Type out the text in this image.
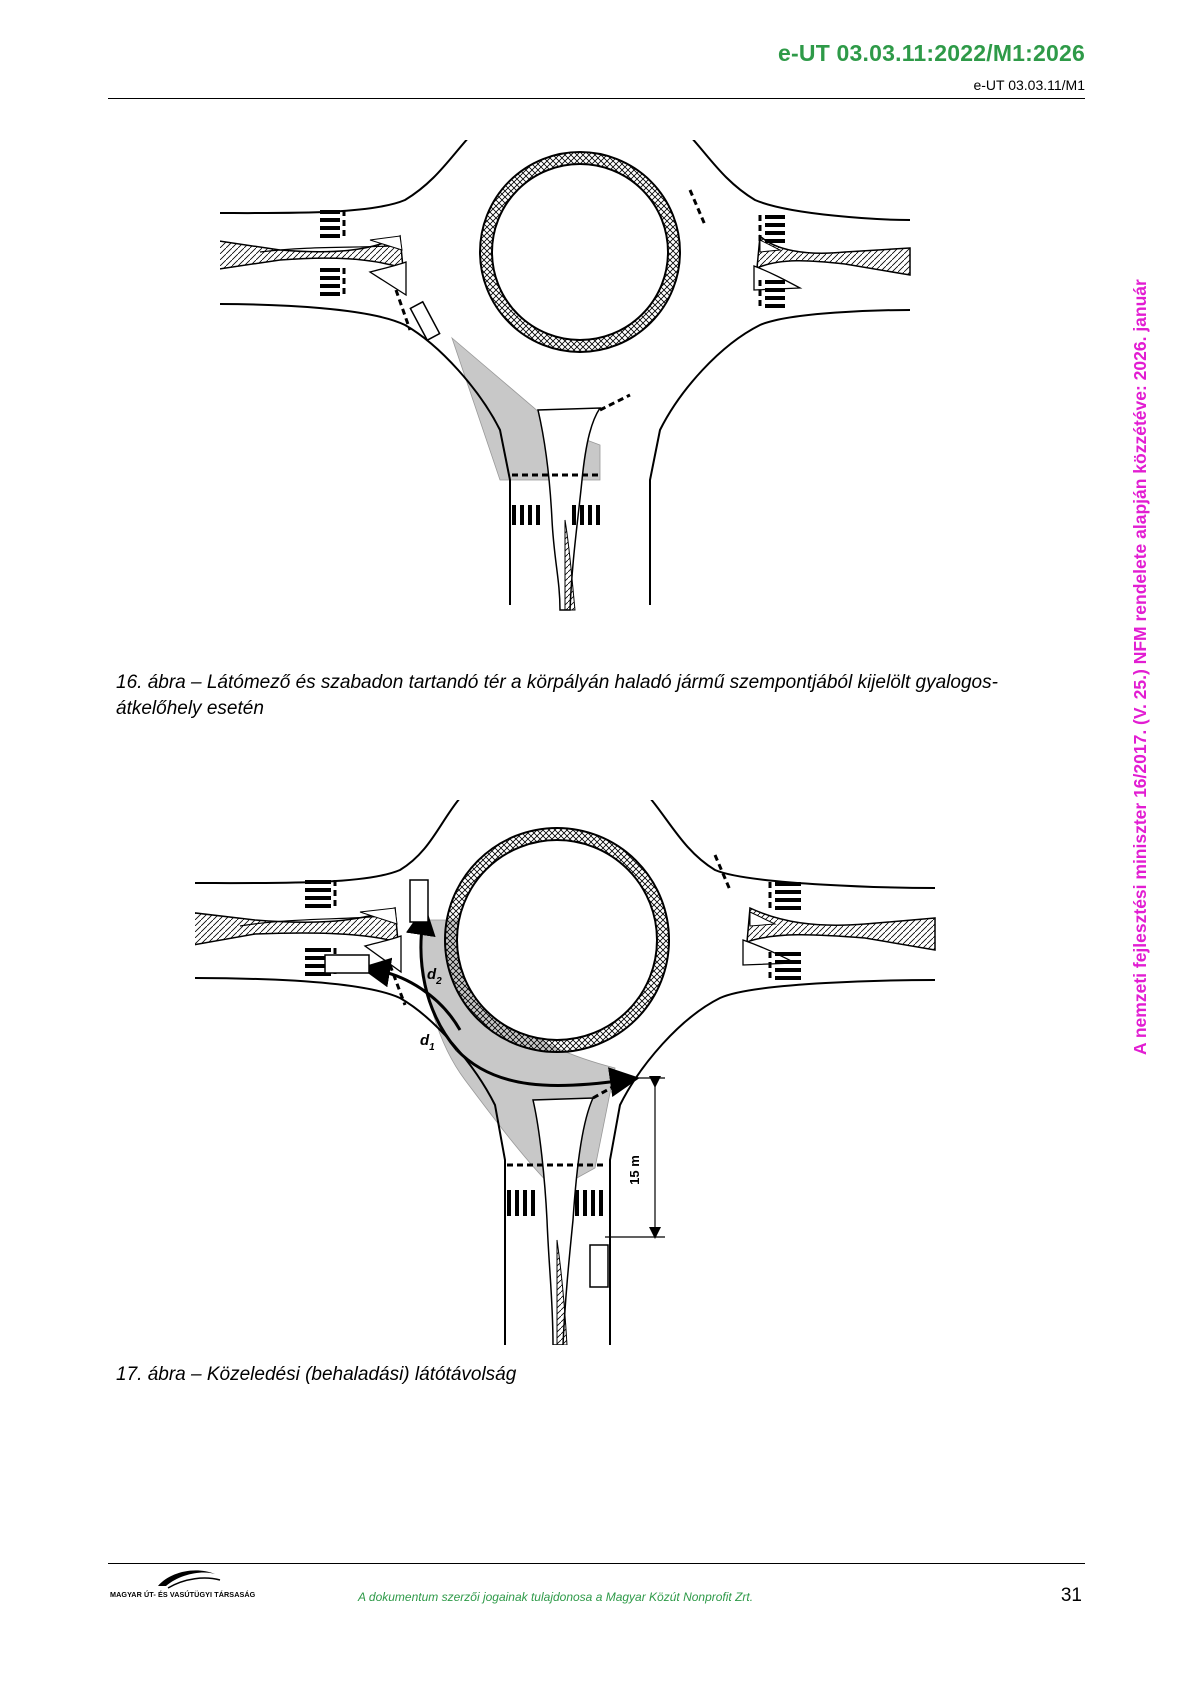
e-UT 03.03.11:2022/M1:2026
e-UT 03.03.11/M1
A nemzeti fejlesztési miniszter 16/2017. (V. 25.) NFM rendelete alapján közzétéve: 2026. január
16. ábra – Látómező és szabadon tartandó tér a körpályán haladó jármű szempontjából kijelölt gyalogos-átkelőhely esetén
15 m
$d_2$
$d_1$
17. ábra – Közeledési (behaladási) látótávolság
MAGYAR ÚT- ÉS VASÚTÜGYI TÁRSASÁG	A dokumentum szerzői jogainak tulajdonosa a Magyar Közút Nonprofit Zrt.	31
